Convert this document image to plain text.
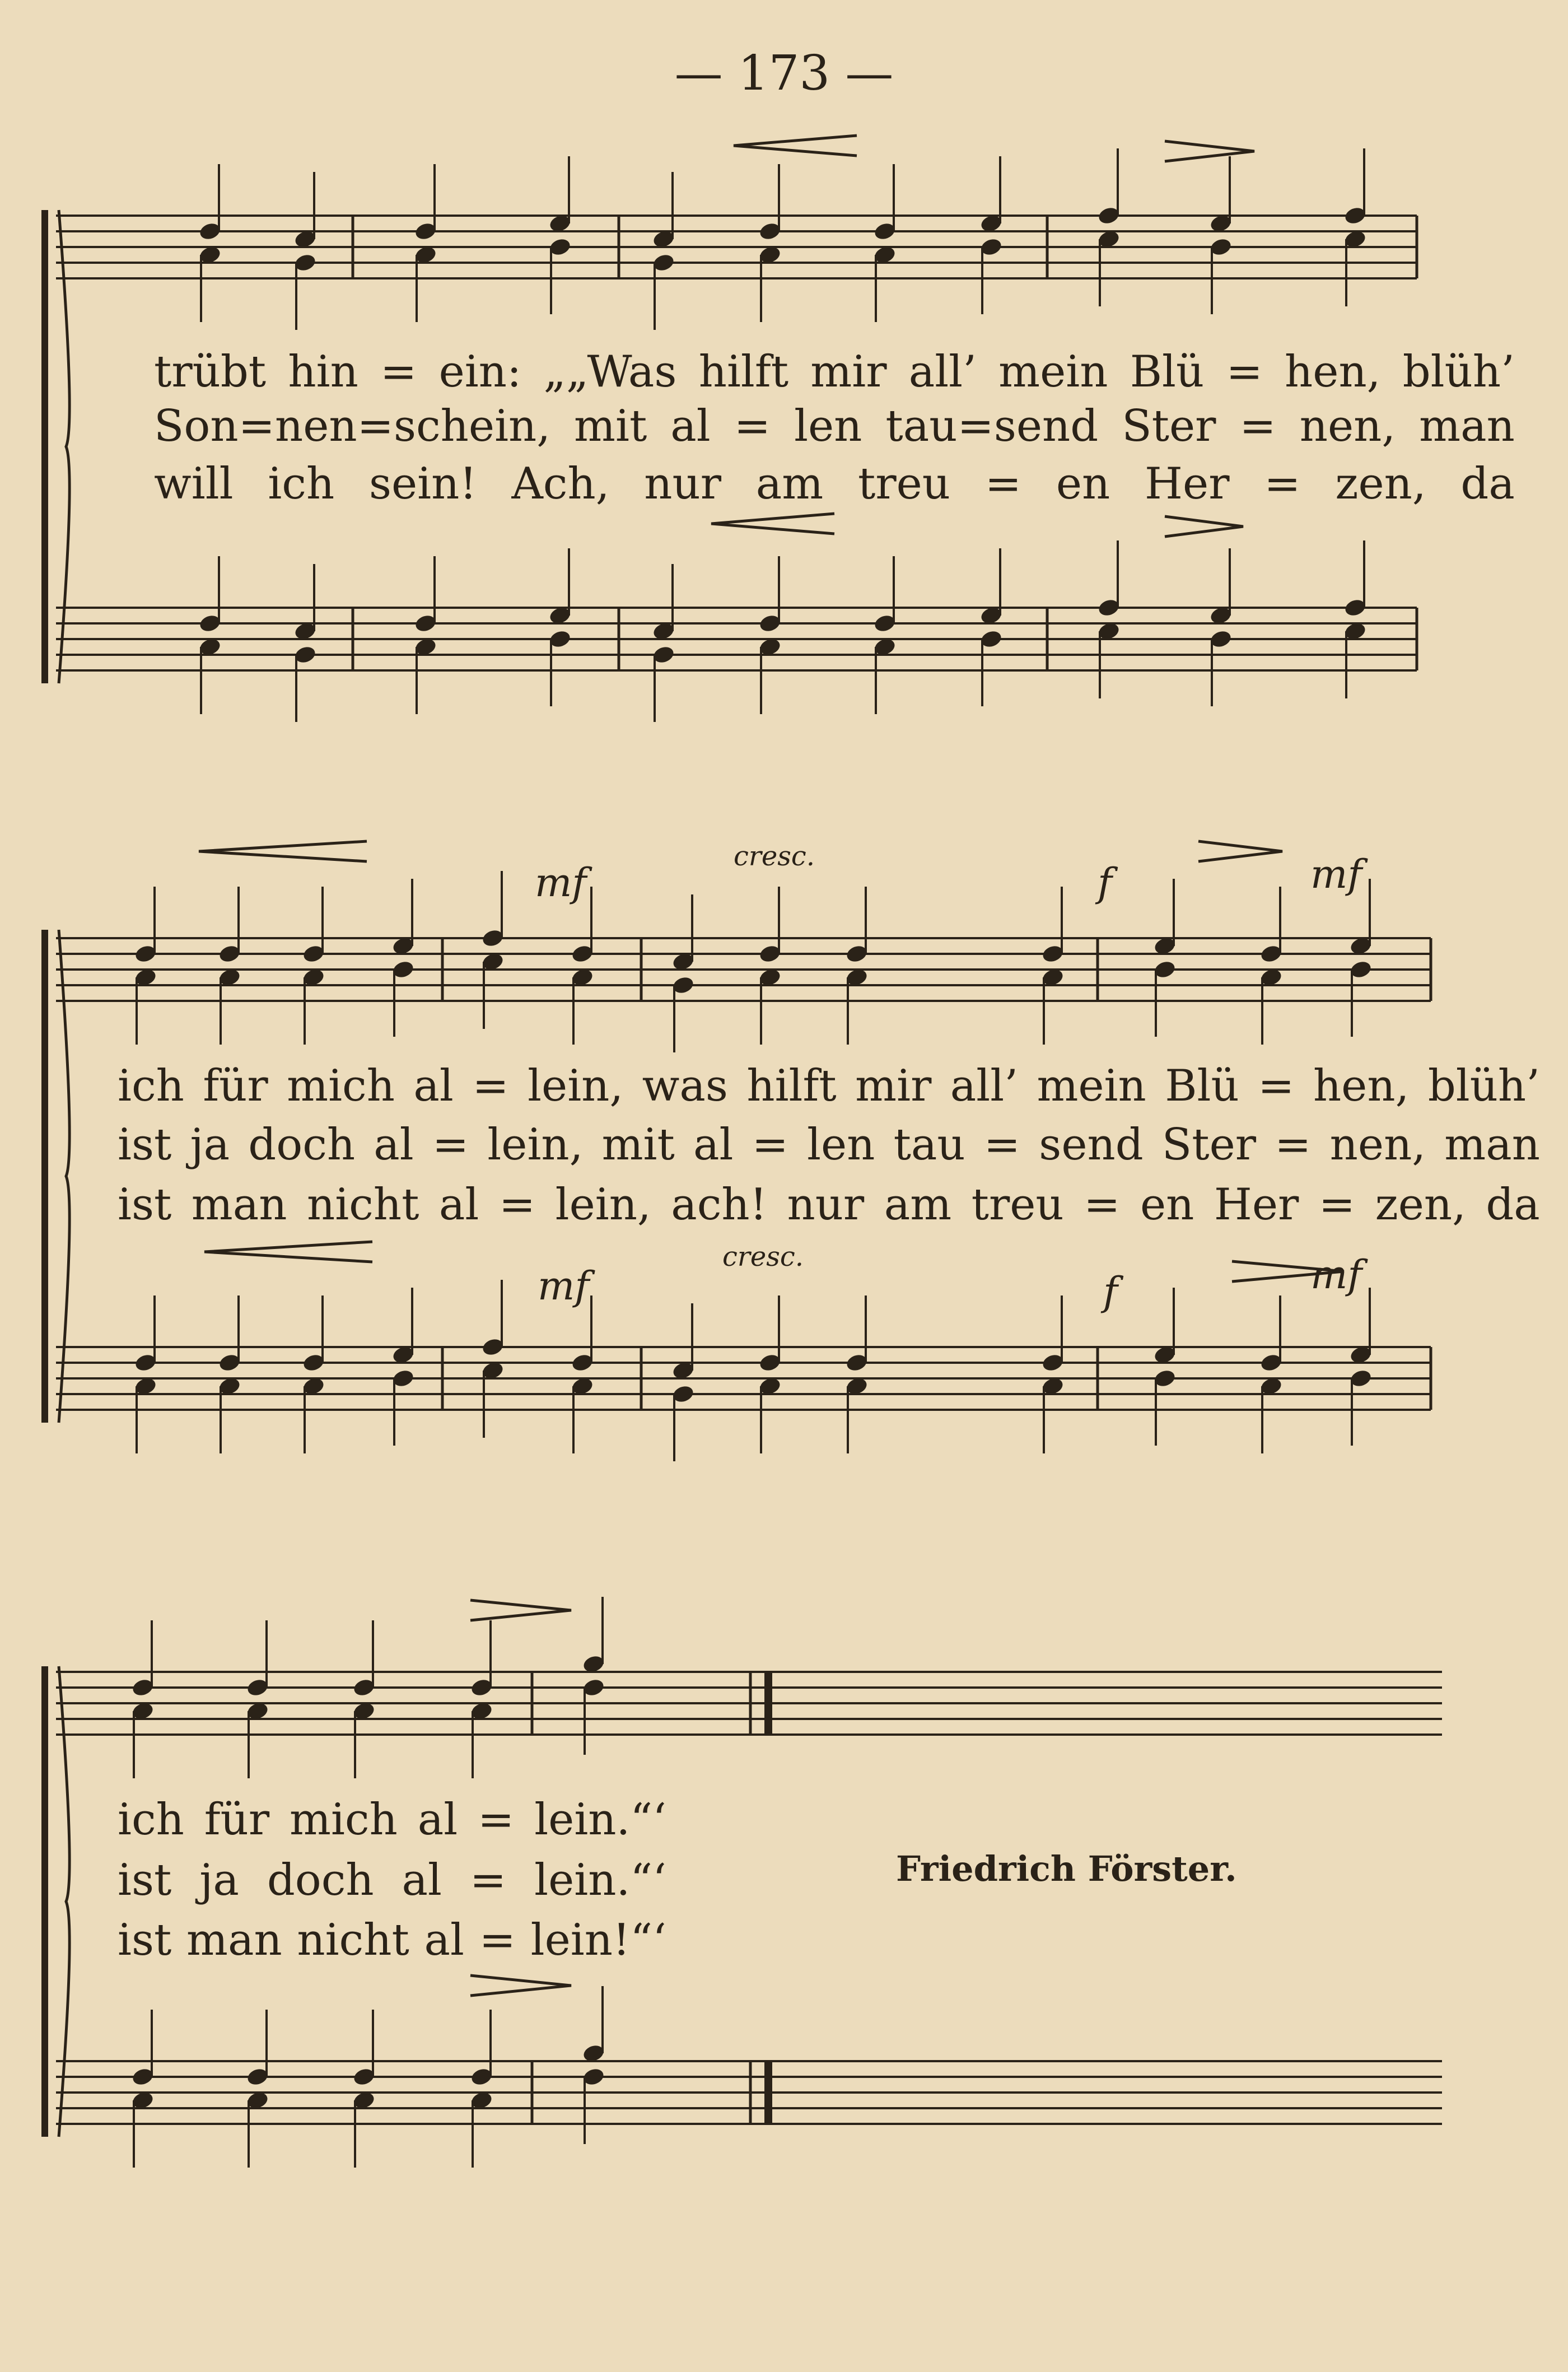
— 173 —
mf
cresc.
f	mf
mf
cresc.
f	mf
trübt hin = ein: „„Was hilft mir all’ mein Blü = hen, blüh’
Son=nen=schein, mit al = len tau=send Ster = nen, man
will ich sein! Ach, nur am treu = en Her = zen, da
ich für mich al = lein, was hilft mir all’ mein Blü = hen, blüh’
ist ja doch al = lein, mit al = len tau = send Ster = nen, man
ist man nicht al = lein, ach! nur am treu = en Her = zen, da
ich für mich al = lein.“‘
ist ja doch al = lein.“‘
ist man nicht al = lein!“‘
Friedrich Förster.
